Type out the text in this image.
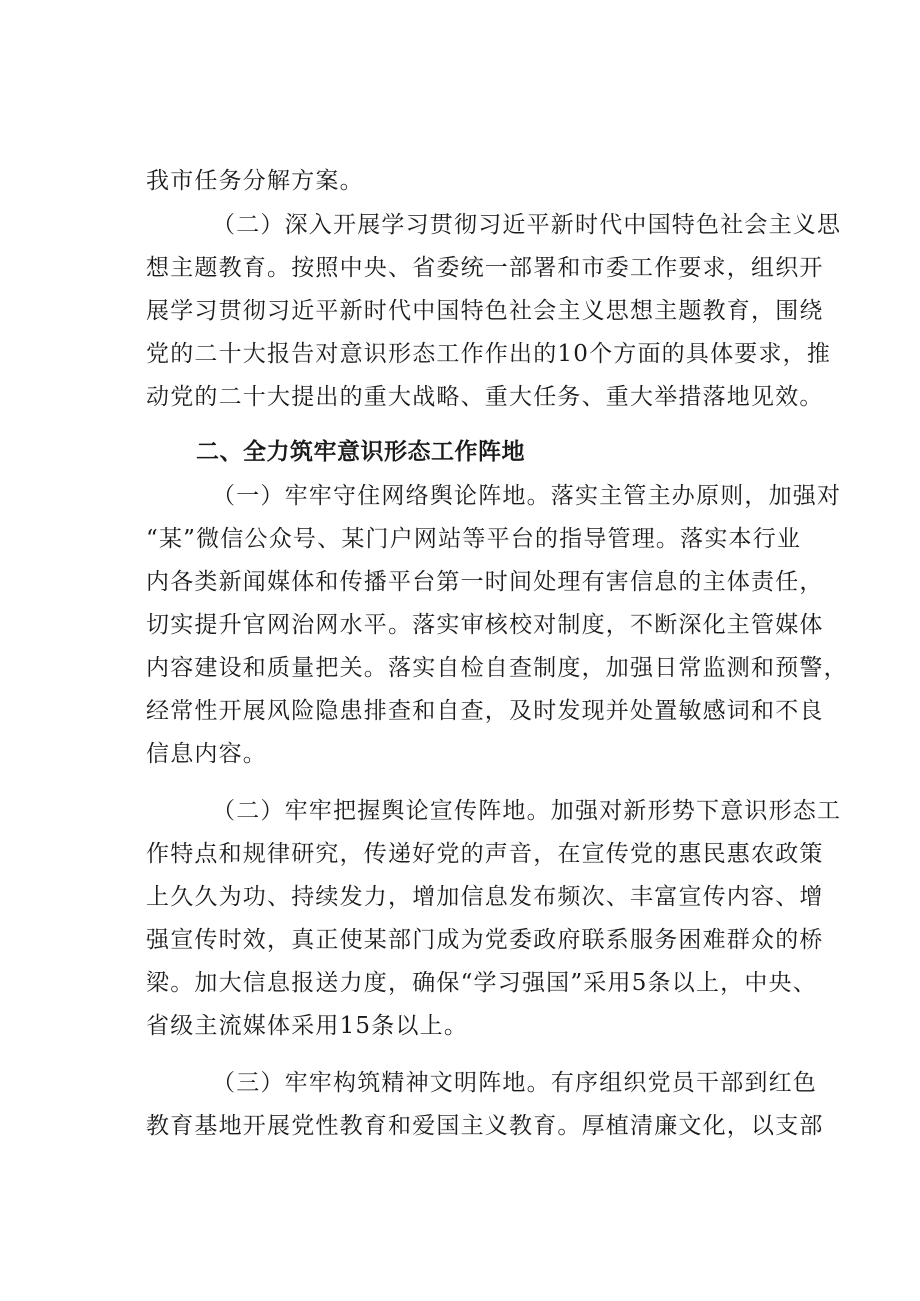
我市任务分解方案。
（二）深入开展学习贯彻习近平新时代中国特色社会主义思
想主题教育。按照中央、省委统一部署和市委工作要求，组织开
展学习贯彻习近平新时代中国特色社会主义思想主题教育，围绕
党的二十大报告对意识形态工作作出的10个方面的具体要求，推
动党的二十大提出的重大战略、重大任务、重大举措落地见效。
二、全力筑牢意识形态工作阵地
（一）牢牢守住网络舆论阵地。落实主管主办原则，加强对
“某”微信公众号、某门户网站等平台的指导管理。落实本行业
内各类新闻媒体和传播平台第一时间处理有害信息的主体责任，
切实提升官网治网水平。落实审核校对制度，不断深化主管媒体
内容建设和质量把关。落实自检自查制度，加强日常监测和预警，
经常性开展风险隐患排查和自查，及时发现并处置敏感词和不良
信息内容。
（二）牢牢把握舆论宣传阵地。加强对新形势下意识形态工
作特点和规律研究，传递好党的声音，在宣传党的惠民惠农政策
上久久为功、持续发力，增加信息发布频次、丰富宣传内容、增
强宣传时效，真正使某部门成为党委政府联系服务困难群众的桥
梁。加大信息报送力度，确保“学习强国”采用5条以上，中央、
省级主流媒体采用15条以上。
（三）牢牢构筑精神文明阵地。有序组织党员干部到红色
教育基地开展党性教育和爱国主义教育。厚植清廉文化，以支部
